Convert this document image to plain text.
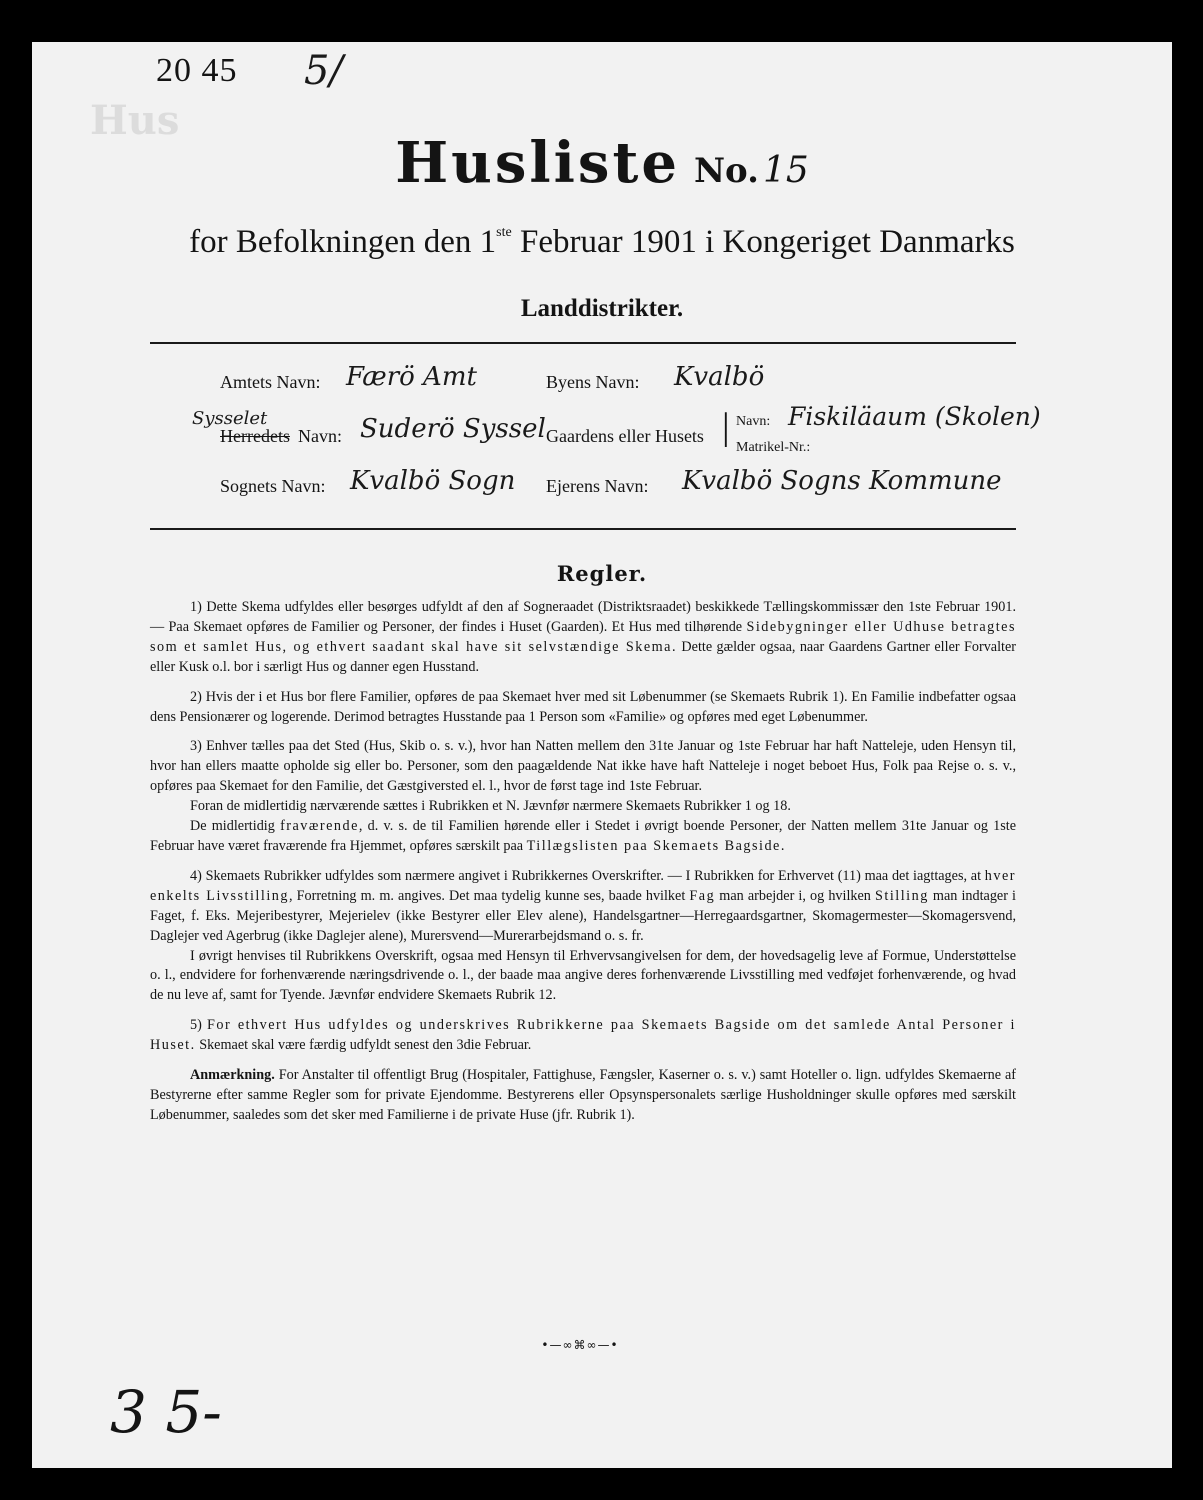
Hus
20 45 5/
Husliste No. 15
for Befolkningen den 1ste Februar 1901 i Kongeriget Danmarks
Landdistrikter.
Amtets Navn: Færö Amt	Byens Navn: Kvalbö
Sysselet
Herredets Navn: Suderö Syssel Gaardens eller Husets | Navn: Fiskiläaum (Skolen)
Matrikel-Nr.:
Sognets Navn: Kvalbö Sogn Ejerens Navn: Kvalbö Sogns Kommune
Regler.

1) Dette Skema udfyldes eller besørges udfyldt af den af Sogneraadet (Distriktsraadet) beskikkede Tællingskommissær den 1ste Februar 1901. — Paa Skemaet opføres de Familier og Personer, der findes i Huset (Gaarden). Et Hus med tilhørende Sidebygninger eller Udhuse betragtes som et samlet Hus, og ethvert saadant skal have sit selvstændige Skema. Dette gælder ogsaa, naar Gaardens Gartner eller Forvalter eller Kusk o.l. bor i særligt Hus og danner egen Husstand.

2) Hvis der i et Hus bor flere Familier, opføres de paa Skemaet hver med sit Løbenummer (se Skemaets Rubrik 1). En Familie indbefatter ogsaa dens Pensionærer og logerende. Derimod betragtes Husstande paa 1 Person som «Familie» og opføres med eget Løbenummer.

3) Enhver tælles paa det Sted (Hus, Skib o. s. v.), hvor han Natten mellem den 31te Januar og 1ste Februar har haft Natteleje, uden Hensyn til, hvor han ellers maatte opholde sig eller bo. Personer, som den paagældende Nat ikke have haft Natteleje i noget beboet Hus, Folk paa Rejse o. s. v., opføres paa Skemaet for den Familie, det Gæstgiversted el. l., hvor de først tage ind 1ste Februar.

Foran de midlertidig nærværende sættes i Rubrikken et N. Jævnfør nærmere Skemaets Rubrikker 1 og 18.

De midlertidig fraværende, d. v. s. de til Familien hørende eller i Stedet i øvrigt boende Personer, der Natten mellem 31te Januar og 1ste Februar have været fraværende fra Hjemmet, opføres særskilt paa Tillægslisten paa Skemaets Bagside.

4) Skemaets Rubrikker udfyldes som nærmere angivet i Rubrikkernes Overskrifter. — I Rubrikken for Erhvervet (11) maa det iagttages, at hver enkelts Livsstilling, Forretning m. m. angives. Det maa tydelig kunne ses, baade hvilket Fag man arbejder i, og hvilken Stilling man indtager i Faget, f. Eks. Mejeribestyrer, Mejerielev (ikke Bestyrer eller Elev alene), Handelsgartner—Herregaardsgartner, Skomagermester—Skomagersvend, Daglejer ved Agerbrug (ikke Daglejer alene), Murersvend—Murerarbejdsmand o. s. fr.

I øvrigt henvises til Rubrikkens Overskrift, ogsaa med Hensyn til Erhvervsangivelsen for dem, der hovedsagelig leve af Formue, Understøttelse o. l., endvidere for forhenværende næringsdrivende o. l., der baade maa angive deres forhenværende Livsstilling med vedføjet forhenværende, og hvad de nu leve af, samt for Tyende. Jævnfør endvidere Skemaets Rubrik 12.

5) For ethvert Hus udfyldes og underskrives Rubrikkerne paa Skemaets Bagside om det samlede Antal Personer i Huset. Skemaet skal være færdig udfyldt senest den 3die Februar.

Anmærkning. For Anstalter til offentligt Brug (Hospitaler, Fattighuse, Fængsler, Kaserner o. s. v.) samt Hoteller o. lign. udfyldes Skemaerne af Bestyrerne efter samme Regler som for private Ejendomme. Bestyrerens eller Opsynspersonalets særlige Husholdninger skulle opføres med særskilt Løbenummer, saaledes som det sker med Familierne i de private Huse (jfr. Rubrik 1).

•—∞⌘∞—•
3 5-
